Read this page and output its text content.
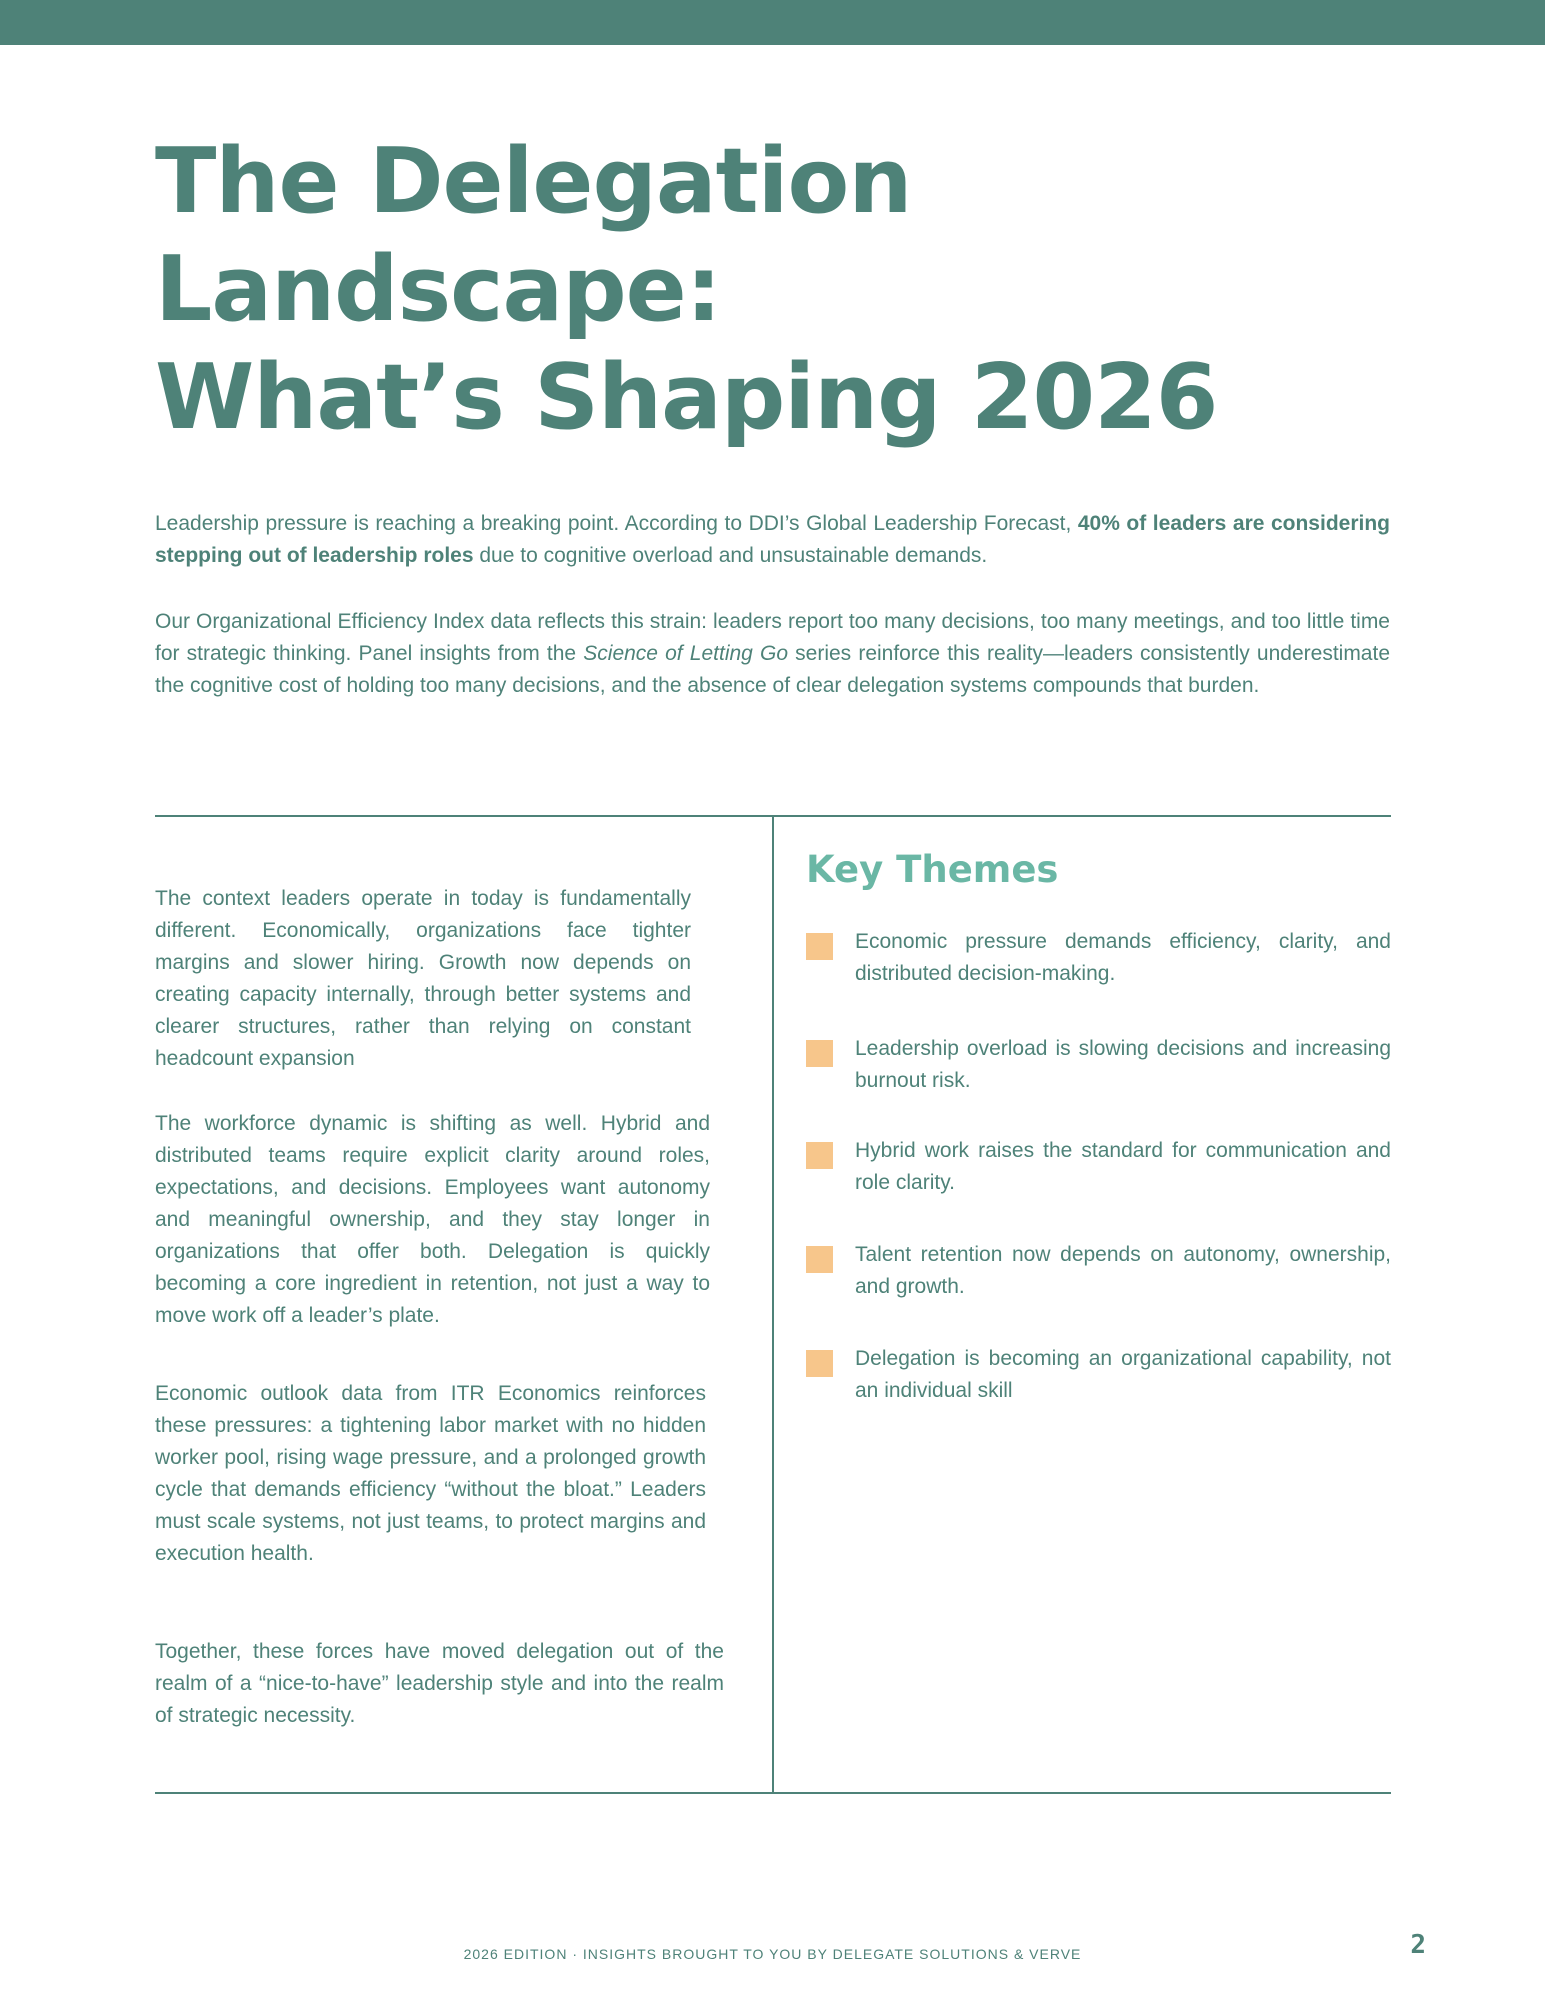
The Delegation
Landscape:
What’s Shaping 2026

Leadership pressure is reaching a breaking point. According to DDI’s Global Leadership Forecast, 40% of leaders are considering stepping out of leadership roles due to cognitive overload and unsustainable demands.

Our Organizational Efficiency Index data reflects this strain: leaders report too many decisions, too many meetings, and too little time for strategic thinking. Panel insights from the Science of Letting Go series reinforce this reality—leaders consistently underestimate the cognitive cost of holding too many decisions, and the absence of clear delegation systems compounds that burden.

The context leaders operate in today is fundamentally different. Economically, organizations face tighter margins and slower hiring. Growth now depends on creating capacity internally, through better systems and clearer structures, rather than relying on constant headcount expansion

The workforce dynamic is shifting as well. Hybrid and distributed teams require explicit clarity around roles, expectations, and decisions. Employees want autonomy and meaningful ownership, and they stay longer in organizations that offer both. Delegation is quickly becoming a core ingredient in retention, not just a way to move work off a leader’s plate.

Economic outlook data from ITR Economics reinforces these pressures: a tightening labor market with no hidden worker pool, rising wage pressure, and a prolonged growth cycle that demands efficiency “without the bloat.” Leaders must scale systems, not just teams, to protect margins and execution health.

Together, these forces have moved delegation out of the realm of a “nice-to-have” leadership style and into the realm of strategic necessity.

Key Themes

Economic pressure demands efficiency, clarity, and distributed decision-making.

Leadership overload is slowing decisions and increasing burnout risk.

Hybrid work raises the standard for communication and role clarity.

Talent retention now depends on autonomy, ownership, and growth.

Delegation is becoming an organizational capability, not an individual skill

2026 EDITION · INSIGHTS BROUGHT TO YOU BY DELEGATE SOLUTIONS & VERVE	2
